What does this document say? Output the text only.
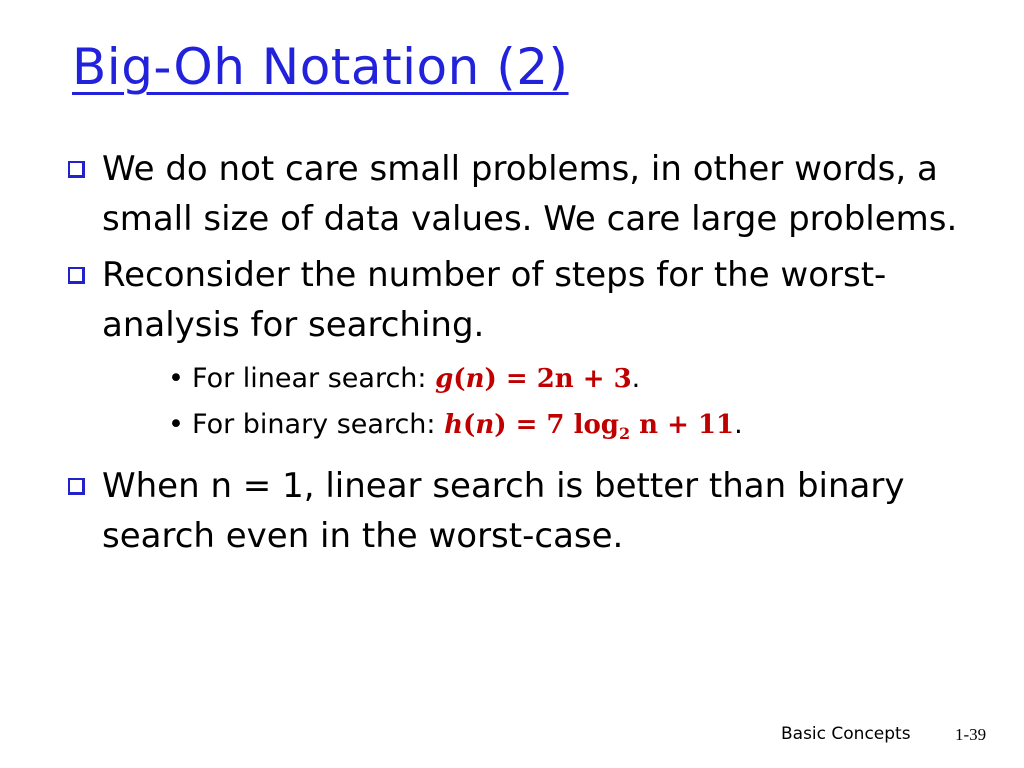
Big-Oh Notation (2)
We do not care small problems, in other words, a small size of data values. We care large problems.
Reconsider the number of steps for the worst-analysis for searching.
• For linear search: g(n) = 2n + 3.
• For binary search: h(n) = 7 $\log_2 n + 11$.
When n = 1, linear search is better than binary search even in the worst-case.
Basic Concepts	1-39
